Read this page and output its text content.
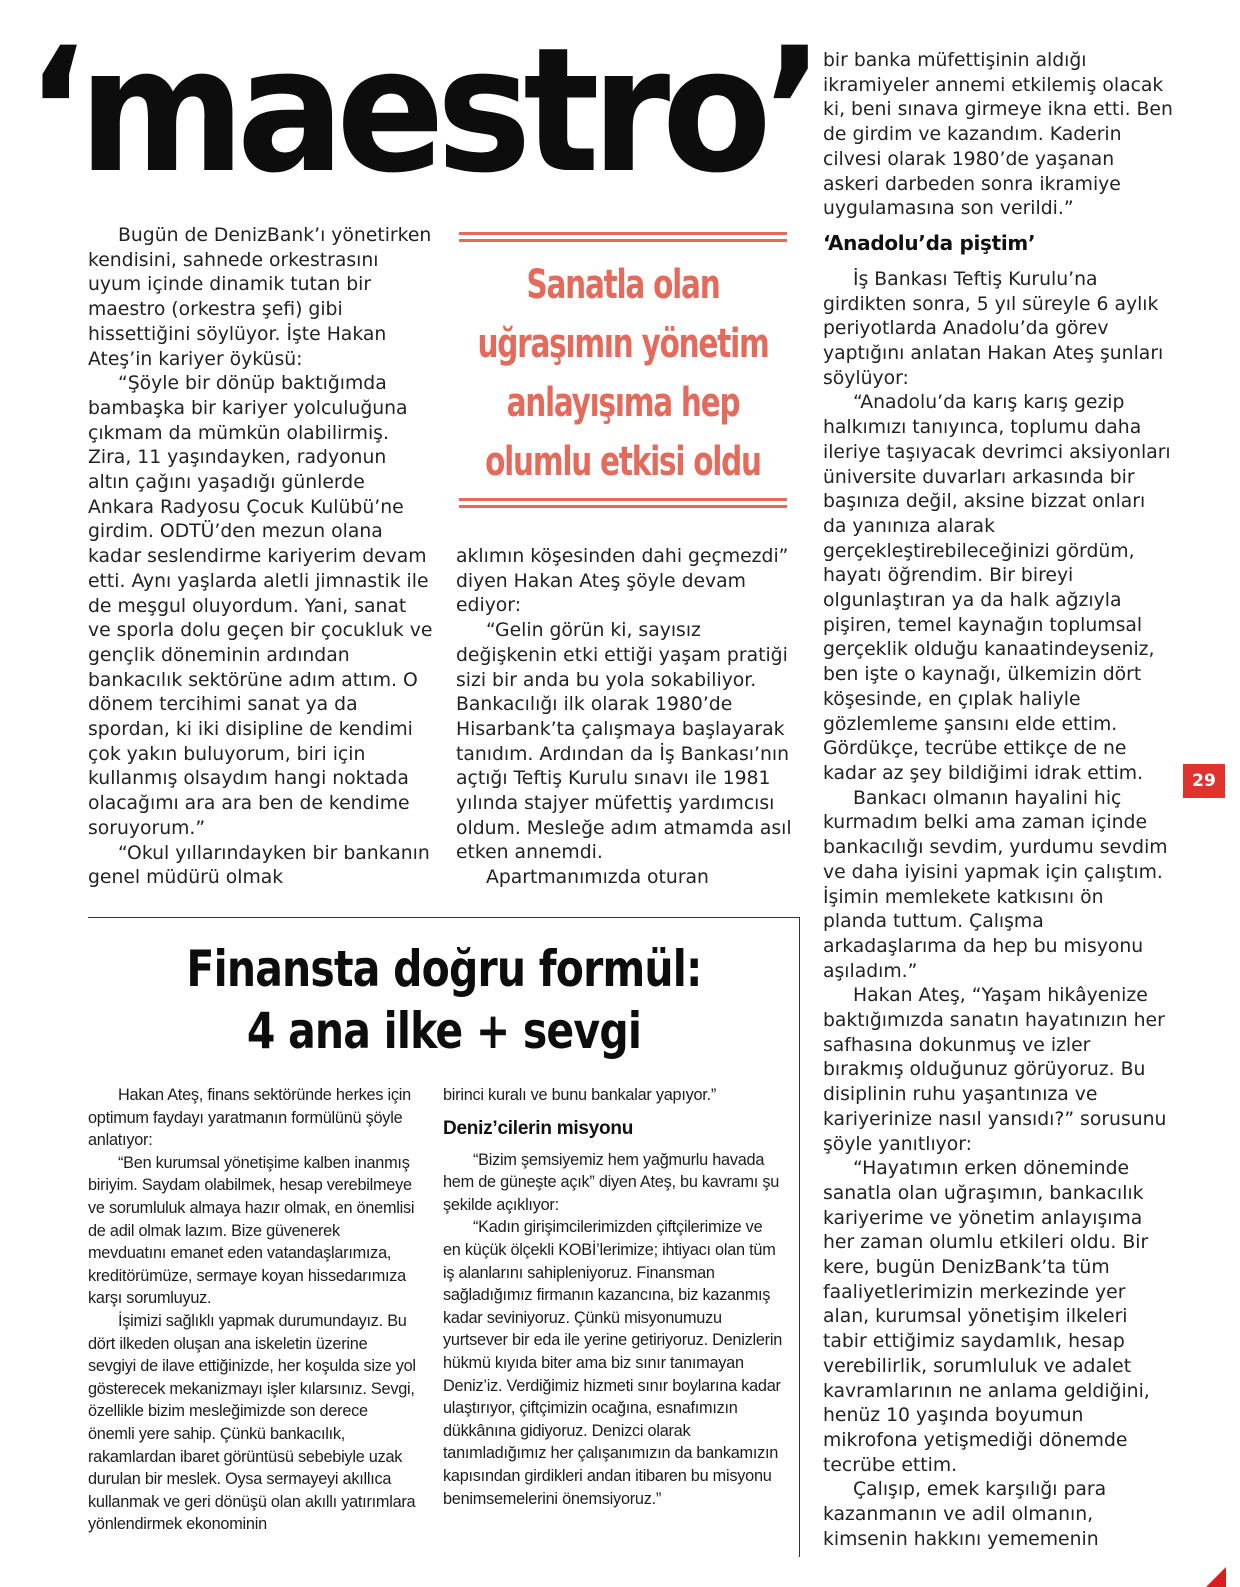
‘maestro’

Bugün de DenizBank’ı yönetirken kendisini, sahnede orkestrasını uyum içinde dinamik tutan bir maestro (orkestra şefi) gibi hissettiğini söylüyor. İşte Hakan Ateş’in kariyer öyküsü:

“Şöyle bir dönüp baktığımda bambaşka bir kariyer yolculuğuna çıkmam da mümkün olabilirmiş. Zira, 11 yaşındayken, radyonun altın çağını yaşadığı günlerde Ankara Radyosu Çocuk Kulübü’ne girdim. ODTÜ’den mezun olana kadar seslendirme kariyerim devam etti. Aynı yaşlarda aletli jimnastik ile de meşgul oluyordum. Yani, sanat ve sporla dolu geçen bir çocukluk ve gençlik döneminin ardından bankacılık sektörüne adım attım. O dönem tercihimi sanat ya da spordan, ki iki disipline de kendimi çok yakın buluyorum, biri için kullanmış olsaydım hangi noktada olacağımı ara ara ben de kendime soruyorum.”

“Okul yıllarındayken bir bankanın genel müdürü olmak

Sanatla olan uğraşımın yönetim anlayışıma hep olumlu etkisi oldu

aklımın köşesinden dahi geçmezdi” diyen Hakan Ateş şöyle devam ediyor:

“Gelin görün ki, sayısız değişkenin etki ettiği yaşam pratiği sizi bir anda bu yola sokabiliyor. Bankacılığı ilk olarak 1980’de Hisarbank’ta çalışmaya başlayarak tanıdım. Ardından da İş Bankası’nın açtığı Teftiş Kurulu sınavı ile 1981 yılında stajyer müfettiş yardımcısı oldum. Mesleğe adım atmamda asıl etken annemdi.

Apartmanımızda oturan

bir banka müfettişinin aldığı ikramiyeler annemi etkilemiş olacak ki, beni sınava girmeye ikna etti. Ben de girdim ve kazandım. Kaderin cilvesi olarak 1980’de yaşanan askeri darbeden sonra ikramiye uygulamasına son verildi.”

‘Anadolu’da piştim’

İş Bankası Teftiş Kurulu’na girdikten sonra, 5 yıl süreyle 6 aylık periyotlarda Anadolu’da görev yaptığını anlatan Hakan Ateş şunları söylüyor:

“Anadolu’da karış karış gezip halkımızı tanıyınca, toplumu daha ileriye taşıyacak devrimci aksiyonları üniversite duvarları arkasında bir başınıza değil, aksine bizzat onları da yanınıza alarak gerçekleştirebileceğinizi gördüm, hayatı öğrendim. Bir bireyi olgunlaştıran ya da halk ağzıyla pişiren, temel kaynağın toplumsal gerçeklik olduğu kanaatindeyseniz, ben işte o kaynağı, ülkemizin dört köşesinde, en çıplak haliyle gözlemleme şansını elde ettim. Gördükçe, tecrübe ettikçe de ne kadar az şey bildiğimi idrak ettim.

Bankacı olmanın hayalini hiç kurmadım belki ama zaman içinde bankacılığı sevdim, yurdumu sevdim ve daha iyisini yapmak için çalıştım. İşimin memlekete katkısını ön planda tuttum. Çalışma arkadaşlarıma da hep bu misyonu aşıladım.”

Hakan Ateş, “Yaşam hikâyenize baktığımızda sanatın hayatınızın her safhasına dokunmuş ve izler bırakmış olduğunuz görüyoruz. Bu disiplinin ruhu yaşantınıza ve kariyerinize nasıl yansıdı?” sorusunu şöyle yanıtlıyor:

“Hayatımın erken döneminde sanatla olan uğraşımın, bankacılık kariyerime ve yönetim anlayışıma her zaman olumlu etkileri oldu. Bir kere, bugün DenizBank’ta tüm faaliyetlerimizin merkezinde yer alan, kurumsal yönetişim ilkeleri tabir ettiğimiz saydamlık, hesap verebilirlik, sorumluluk ve adalet kavramlarının ne anlama geldiğini, henüz 10 yaşında boyumun mikrofona yetişmediği dönemde tecrübe ettim.

Çalışıp, emek karşılığı para kazanmanın ve adil olmanın, kimsenin hakkını yememenin

Finansta doğru formül:
4 ana ilke + sevgi

Hakan Ateş, finans sektöründe herkes için optimum faydayı yaratmanın formülünü şöyle anlatıyor:

“Ben kurumsal yönetişime kalben inanmış biriyim. Saydam olabilmek, hesap verebilmeye ve sorumluluk almaya hazır olmak, en önemlisi de adil olmak lazım. Bize güvenerek mevduatını emanet eden vatandaşlarımıza, kreditörümüze, sermaye koyan hissedarımıza karşı sorumluyuz.

İşimizi sağlıklı yapmak durumundayız. Bu dört ilkeden oluşan ana iskeletin üzerine sevgiyi de ilave ettiğinizde, her koşulda size yol gösterecek mekanizmayı işler kılarsınız. Sevgi, özellikle bizim mesleğimizde son derece önemli yere sahip. Çünkü bankacılık, rakamlardan ibaret görüntüsü sebebiyle uzak durulan bir meslek. Oysa sermayeyi akıllıca kullanmak ve geri dönüşü olan akıllı yatırımlara yönlendirmek ekonominin

birinci kuralı ve bunu bankalar yapıyor.”

Deniz’cilerin misyonu

“Bizim şemsiyemiz hem yağmurlu havada hem de güneşte açık” diyen Ateş, bu kavramı şu şekilde açıklıyor:

“Kadın girişimcilerimizden çiftçilerimize ve en küçük ölçekli KOBİ’lerimize; ihtiyacı olan tüm iş alanlarını sahipleniyoruz. Finansman sağladığımız firmanın kazancına, biz kazanmış kadar seviniyoruz. Çünkü misyonumuzu yurtsever bir eda ile yerine getiriyoruz. Denizlerin hükmü kıyıda biter ama biz sınır tanımayan Deniz’iz. Verdiğimiz hizmeti sınır boylarına kadar ulaştırıyor, çiftçimizin ocağına, esnafımızın dükkânına gidiyoruz. Denizci olarak tanımladığımız her çalışanımızın da bankamızın kapısından girdikleri andan itibaren bu misyonu benimsemelerini önemsiyoruz.”

29
